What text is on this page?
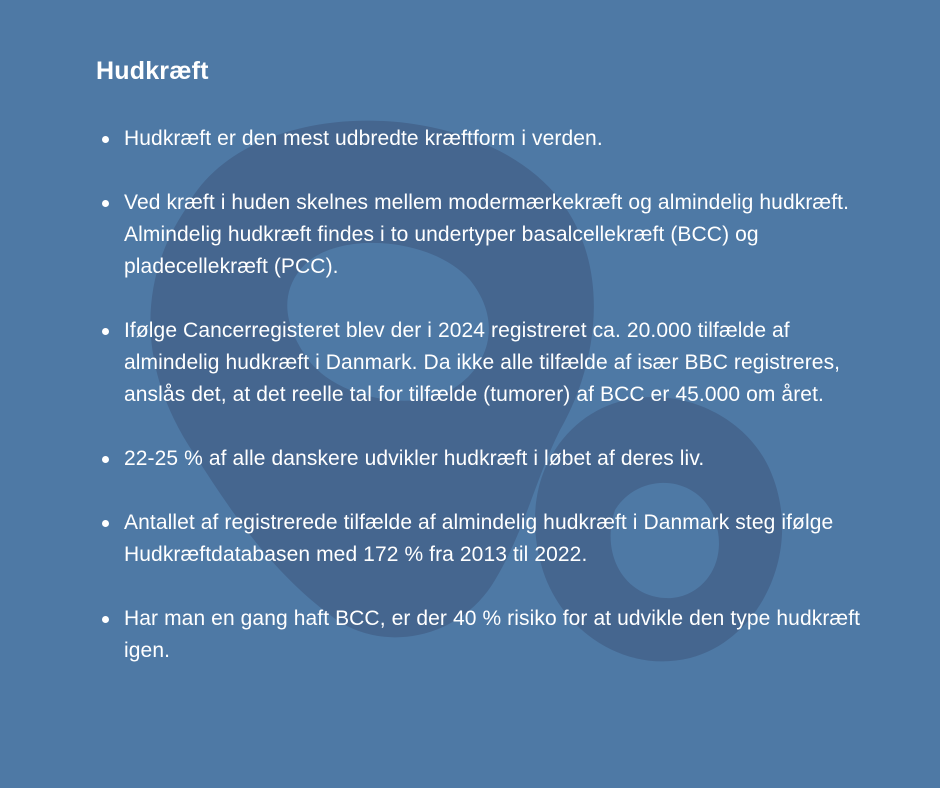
Hudkræft
Hudkræft er den mest udbredte kræftform i verden.
Ved kræft i huden skelnes mellem modermærkekræft og almindelig hudkræft. Almindelig hudkræft findes i to undertyper basalcellekræft (BCC) og pladecellekræft (PCC).
Ifølge Cancerregisteret blev der i 2024 registreret ca. 20.000 tilfælde af almindelig hudkræft i Danmark. Da ikke alle tilfælde af især BBC registreres, anslås det, at det reelle tal for tilfælde (tumorer) af BCC er 45.000 om året.
22-25 % af alle danskere udvikler hudkræft i løbet af deres liv.
Antallet af registrerede tilfælde af almindelig hudkræft i Danmark steg ifølge Hudkræftdatabasen med 172 % fra 2013 til 2022.
Har man en gang haft BCC, er der 40 % risiko for at udvikle den type hudkræft igen.
